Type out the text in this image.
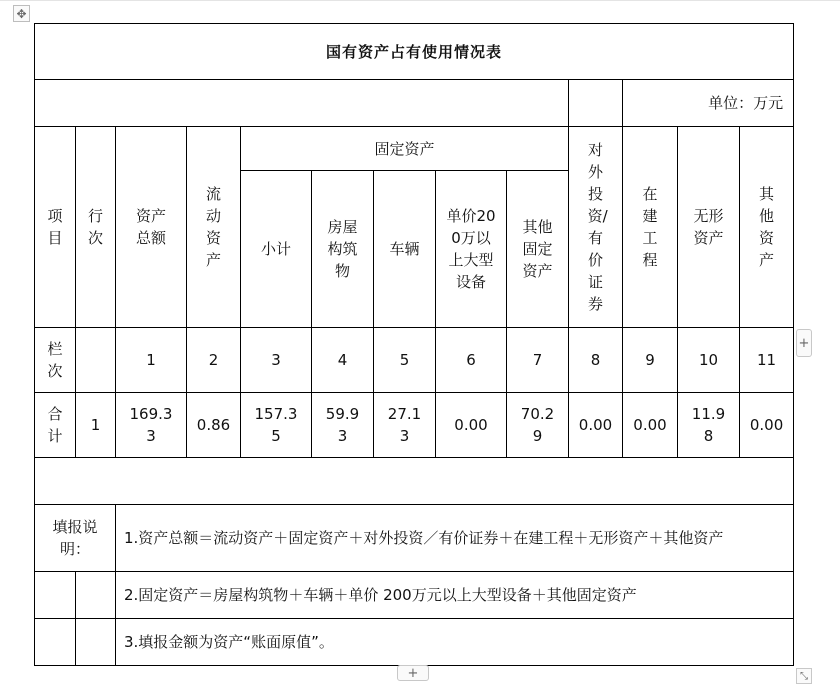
✥
国有资产占有使用情况表												
										单位：万元		
项目	行次	资产总额	流动资产	固定资产					对外投资/有价证券	在建工程	无形资产	其他资产
				小计	房屋构筑物	车辆	单价200万以上大型设备	其他固定资产				
栏次		1	2	3	4	5	6	7	8	9	10	11
合计	1	169.33	0.86	157.35	59.93	27.13	0.00	70.29	0.00	0.00	11.98	0.00

填报说明：		1.资产总额＝流动资产＋固定资产＋对外投资／有价证券＋在建工程＋无形资产＋其他资产										
		2.固定资产＝房屋构筑物＋车辆＋单价 200万元以上大型设备＋其他固定资产										
		3.填报金额为资产“账面原值”。										
+
+	⤡
